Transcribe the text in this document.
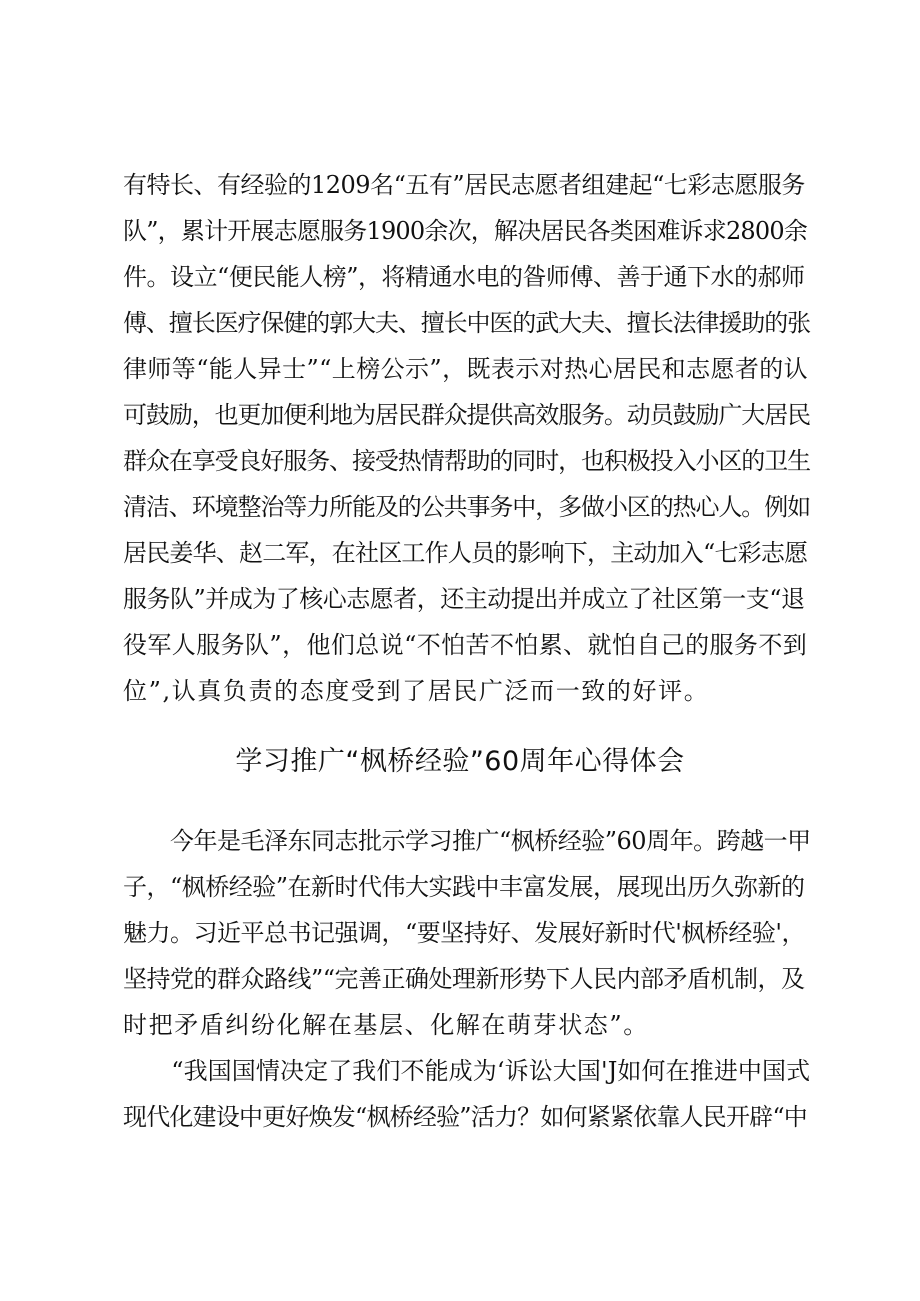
有特长、有经验的1209名“五有”居民志愿者组建起“七彩志愿服务
队”，累计开展志愿服务1900余次，解决居民各类困难诉求2800余
件。设立“便民能人榜”，将精通水电的昝师傅、善于通下水的郝师
傅、擅长医疗保健的郭大夫、擅长中医的武大夫、擅长法律援助的张
律师等“能人异士”“上榜公示”，既表示对热心居民和志愿者的认
可鼓励，也更加便利地为居民群众提供高效服务。动员鼓励广大居民
群众在享受良好服务、接受热情帮助的同时，也积极投入小区的卫生
清洁、环境整治等力所能及的公共事务中，多做小区的热心人。例如
居民姜华、赵二军，在社区工作人员的影响下，主动加入“七彩志愿
服务队”并成为了核心志愿者，还主动提出并成立了社区第一支“退
役军人服务队”，他们总说“不怕苦不怕累、就怕自己的服务不到
位”,认真负责的态度受到了居民广泛而一致的好评。
学习推广“枫桥经验”60周年心得体会
　　今年是毛泽东同志批示学习推广“枫桥经验”60周年。跨越一甲
子，“枫桥经验”在新时代伟大实践中丰富发展，展现出历久弥新的
魅力。习近平总书记强调，“要坚持好、发展好新时代'枫桥经验'，
坚持党的群众路线”“完善正确处理新形势下人民内部矛盾机制，及
时把矛盾纠纷化解在基层、化解在萌芽状态”。
　　“我国国情决定了我们不能成为‘诉讼大国'J如何在推进中国式
现代化建设中更好焕发“枫桥经验”活力？如何紧紧依靠人民开辟“中
